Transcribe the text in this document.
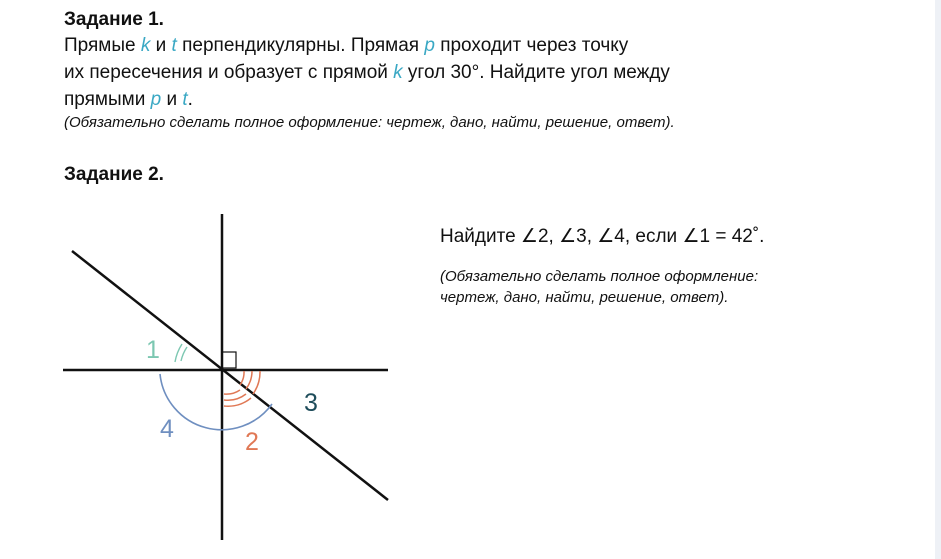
Задание 1.

Прямые k и t перпендикулярны. Прямая p проходит через точку

их пересечения и образует с прямой k угол 30°. Найдите угол между

прямыми p и t.

(Обязательно сделать полное оформление: чертеж, дано, найти, решение, ответ).

Задание 2.

1
2
3
4
Найдите ∠2, ∠3, ∠4, если ∠1 = 42˚.
(Обязательно сделать полное оформление: чертеж, дано, найти, решение, ответ).
